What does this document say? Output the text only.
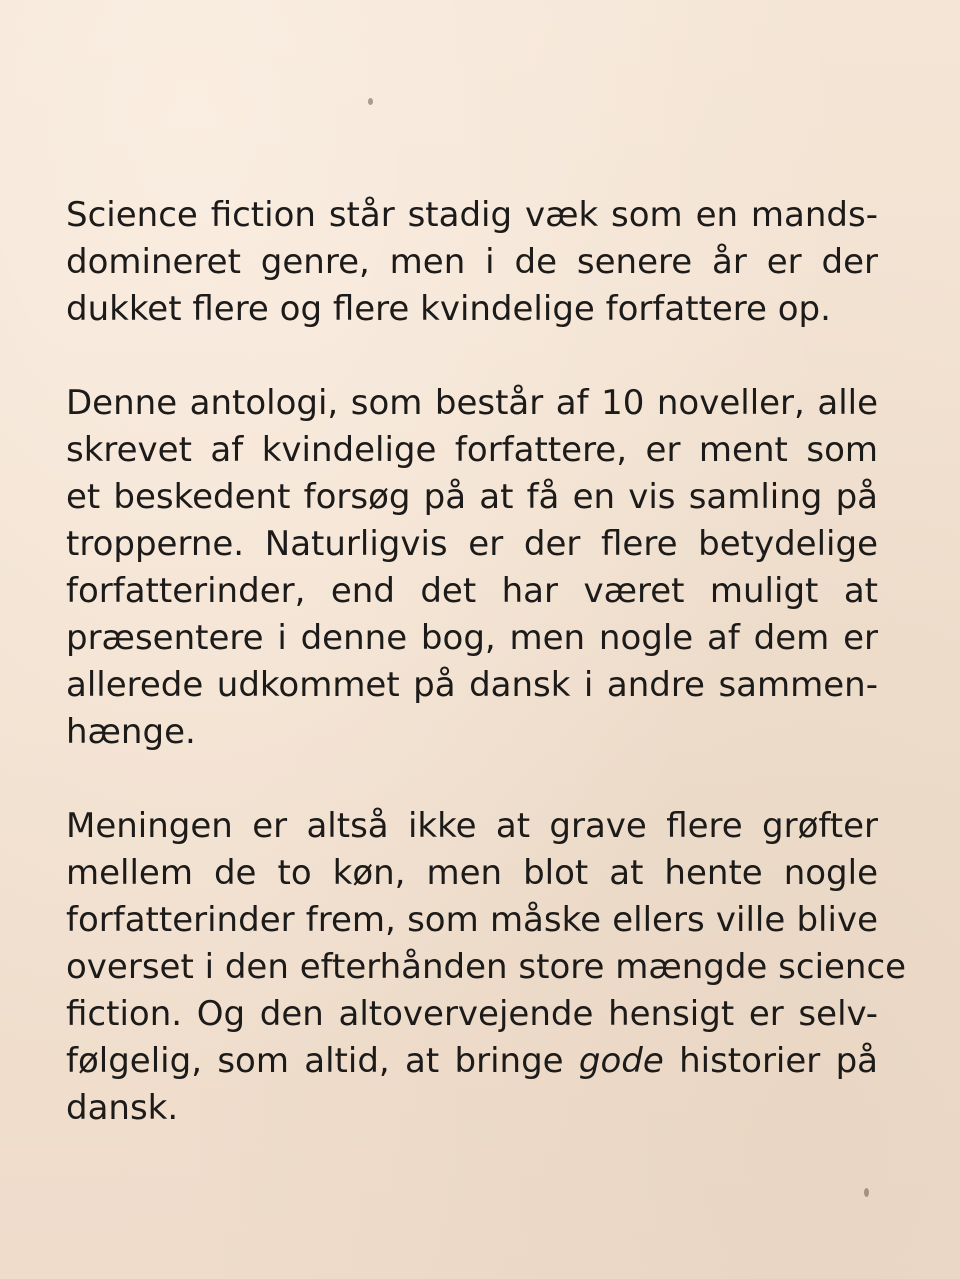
Science fiction står stadig væk som en mands-
domineret genre, men i de senere år er der
dukket flere og flere kvindelige forfattere op.
Denne antologi, som består af 10 noveller, alle
skrevet af kvindelige forfattere, er ment som
et beskedent forsøg på at få en vis samling på
tropperne. Naturligvis er der flere betydelige
forfatterinder, end det har været muligt at
præsentere i denne bog, men nogle af dem er
allerede udkommet på dansk i andre sammen-
hænge.
Meningen er altså ikke at grave flere grøfter
mellem de to køn, men blot at hente nogle
forfatterinder frem, som måske ellers ville blive
overset i den efterhånden store mængde science
fiction. Og den altovervejende hensigt er selv-
følgelig, som altid, at bringe gode historier på
dansk.
